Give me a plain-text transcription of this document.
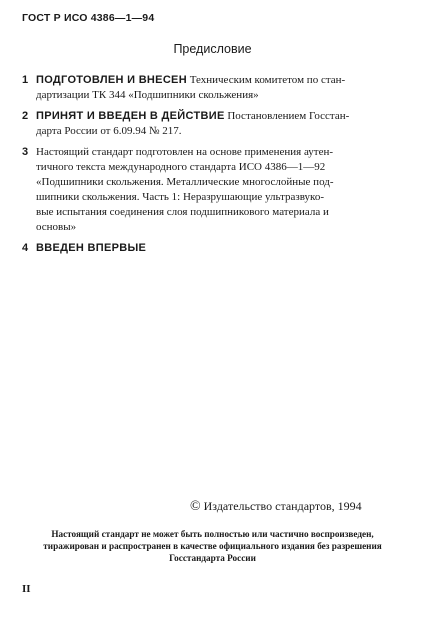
ГОСТ Р ИСО 4386—1—94
Предисловие
1 ПОДГОТОВЛЕН И ВНЕСЕН Техническим комитетом по стан-
дартизации ТК 344 «Подшипники скольжения»
2 ПРИНЯТ И ВВЕДЕН В ДЕЙСТВИЕ Постановлением Госстан-
дарта России от 6.09.94 № 217.
3 Настоящий стандарт подготовлен на основе применения аутен-
тичного текста международного стандарта ИСО 4386—1—92
«Подшипники скольжения. Металлические многослойные под-
шипники скольжения. Часть 1: Неразрушающие ультразвуко-
вые испытания соединения слоя подшипникового материала и
основы»
4 ВВЕДЕН ВПЕРВЫЕ
© Издательство стандартов, 1994
Настоящий стандарт не может быть полностью или частично воспроизведен,
тиражирован и распространен в качестве официального издания без разрешения
Госстандарта России
II
